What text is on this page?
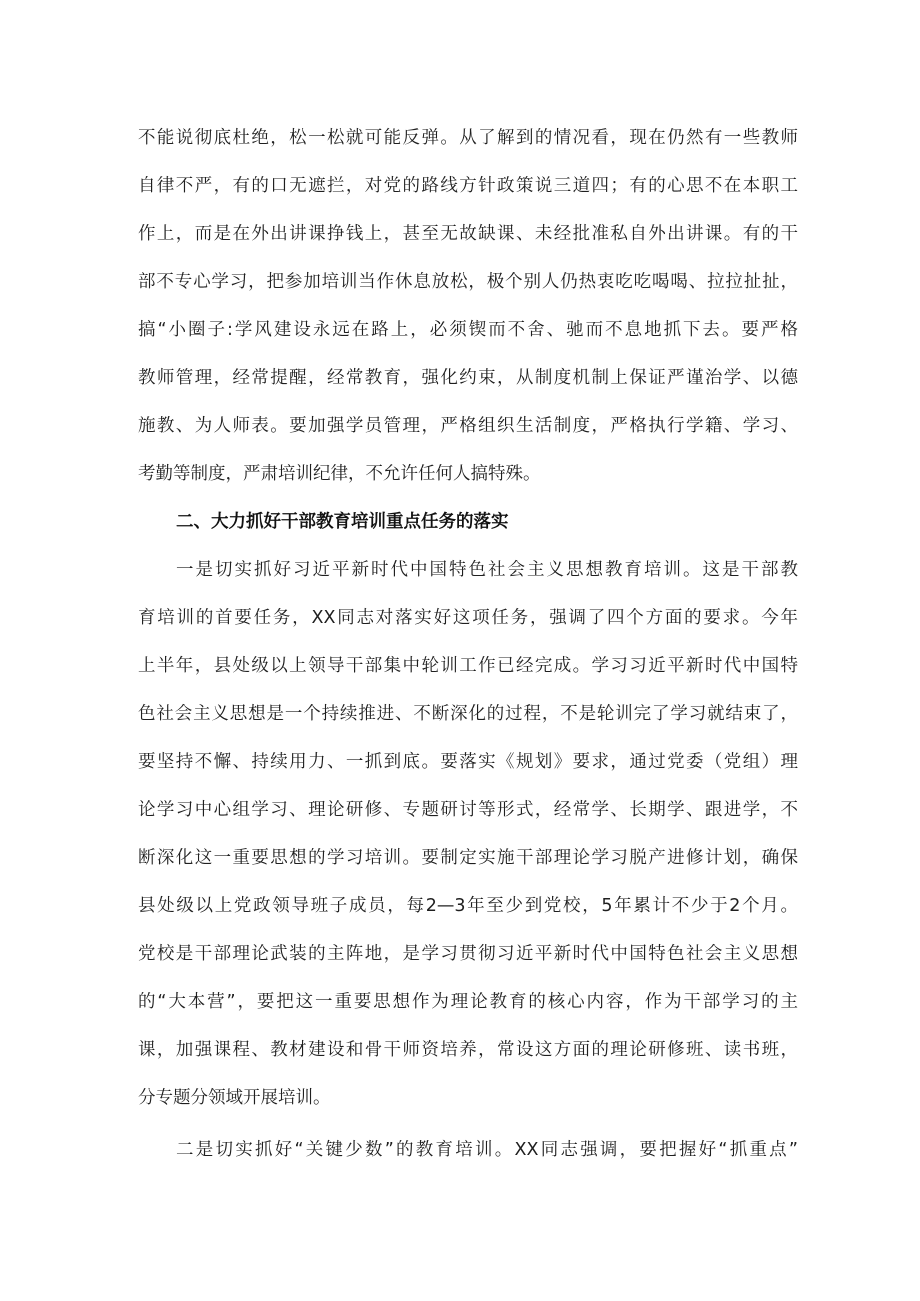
不能说彻底杜绝，松一松就可能反弹。从了解到的情况看，现在仍然有一些教师
自律不严，有的口无遮拦，对党的路线方针政策说三道四；有的心思不在本职工
作上，而是在外出讲课挣钱上，甚至无故缺课、未经批准私自外出讲课。有的干
部不专心学习，把参加培训当作休息放松，极个别人仍热衷吃吃喝喝、拉拉扯扯，
搞“小圈子:学风建设永远在路上，必须锲而不舍、驰而不息地抓下去。要严格
教师管理，经常提醒，经常教育，强化约束，从制度机制上保证严谨治学、以德
施教、为人师表。要加强学员管理，严格组织生活制度，严格执行学籍、学习、
考勤等制度，严肃培训纪律，不允许任何人搞特殊。
二、大力抓好干部教育培训重点任务的落实
一是切实抓好习近平新时代中国特色社会主义思想教育培训。这是干部教
育培训的首要任务，XX同志对落实好这项任务，强调了四个方面的要求。今年
上半年，县处级以上领导干部集中轮训工作已经完成。学习习近平新时代中国特
色社会主义思想是一个持续推进、不断深化的过程，不是轮训完了学习就结束了，
要坚持不懈、持续用力、一抓到底。要落实《规划》要求，通过党委（党组）理
论学习中心组学习、理论研修、专题研讨等形式，经常学、长期学、跟进学，不
断深化这一重要思想的学习培训。要制定实施干部理论学习脱产进修计划，确保
县处级以上党政领导班子成员，每2—3年至少到党校，5年累计不少于2个月。
党校是干部理论武装的主阵地，是学习贯彻习近平新时代中国特色社会主义思想
的“大本营”，要把这一重要思想作为理论教育的核心内容，作为干部学习的主
课，加强课程、教材建设和骨干师资培养，常设这方面的理论研修班、读书班，
分专题分领域开展培训。
二是切实抓好“关键少数”的教育培训。XX同志强调，要把握好“抓重点”
